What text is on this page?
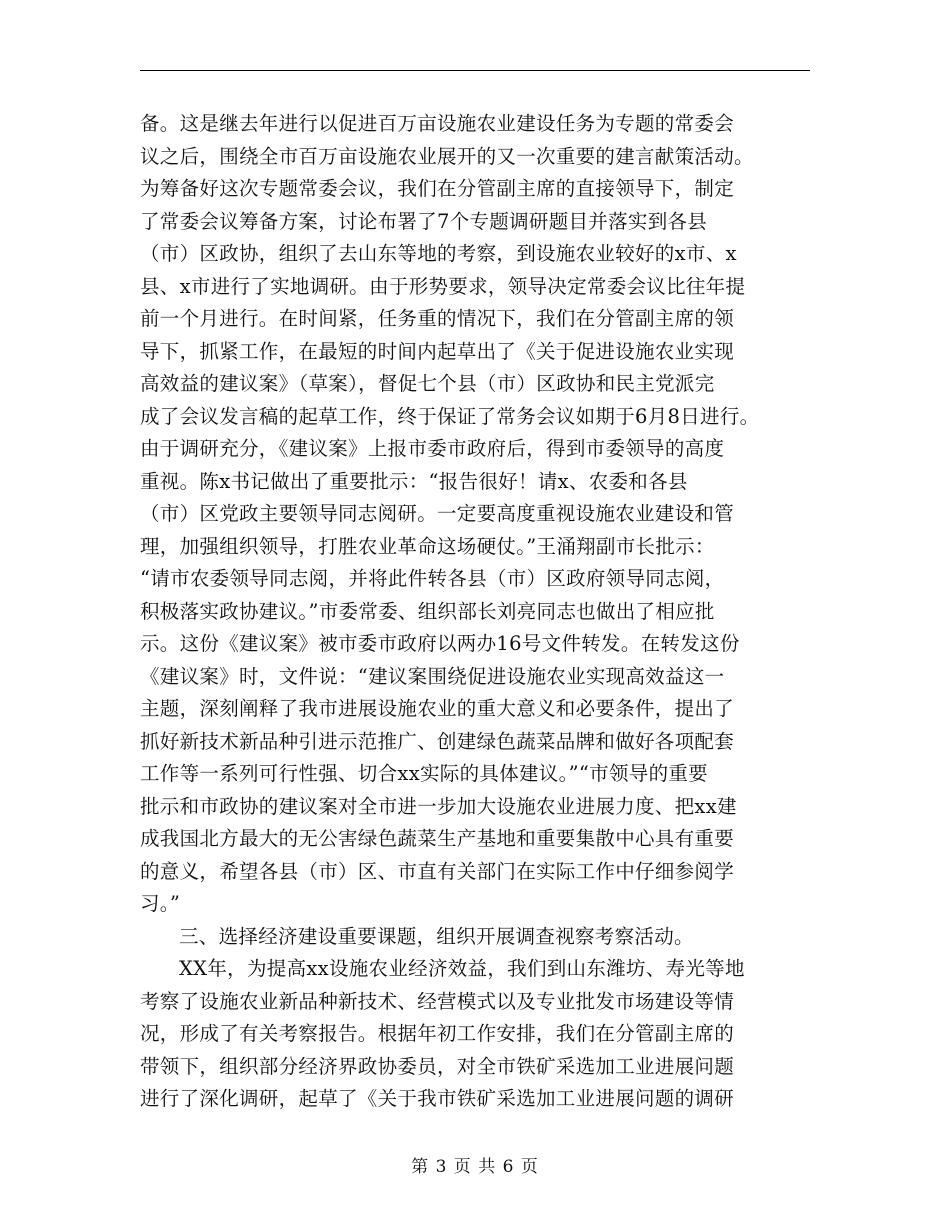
备。这是继去年进行以促进百万亩设施农业建设任务为专题的常委会
议之后，围绕全市百万亩设施农业展开的又一次重要的建言献策活动。
为筹备好这次专题常委会议，我们在分管副主席的直接领导下，制定
了常委会议筹备方案，讨论布署了7个专题调研题目并落实到各县
（市）区政协，组织了去山东等地的考察，到设施农业较好的x市、x
县、x市进行了实地调研。由于形势要求，领导决定常委会议比往年提
前一个月进行。在时间紧，任务重的情况下，我们在分管副主席的领
导下，抓紧工作，在最短的时间内起草出了《关于促进设施农业实现
高效益的建议案》（草案），督促七个县（市）区政协和民主党派完
成了会议发言稿的起草工作，终于保证了常务会议如期于6月8日进行。
由于调研充分，《建议案》上报市委市政府后，得到市委领导的高度
重视。陈x书记做出了重要批示：“报告很好！请x、农委和各县
（市）区党政主要领导同志阅研。一定要高度重视设施农业建设和管
理，加强组织领导，打胜农业革命这场硬仗。”王涌翔副市长批示：
“请市农委领导同志阅，并将此件转各县（市）区政府领导同志阅，
积极落实政协建议。”市委常委、组织部长刘亮同志也做出了相应批
示。这份《建议案》被市委市政府以两办16号文件转发。在转发这份
《建议案》时，文件说：“建议案围绕促进设施农业实现高效益这一
主题，深刻阐释了我市进展设施农业的重大意义和必要条件，提出了
抓好新技术新品种引进示范推广、创建绿色蔬菜品牌和做好各项配套
工作等一系列可行性强、切合xx实际的具体建议。”“市领导的重要
批示和市政协的建议案对全市进一步加大设施农业进展力度、把xx建
成我国北方最大的无公害绿色蔬菜生产基地和重要集散中心具有重要
的意义，希望各县（市）区、市直有关部门在实际工作中仔细参阅学
习。”
三、选择经济建设重要课题，组织开展调查视察考察活动。
XX年，为提高xx设施农业经济效益，我们到山东潍坊、寿光等地
考察了设施农业新品种新技术、经营模式以及专业批发市场建设等情
况，形成了有关考察报告。根据年初工作安排，我们在分管副主席的
带领下，组织部分经济界政协委员，对全市铁矿采选加工业进展问题
进行了深化调研，起草了《关于我市铁矿采选加工业进展问题的调研
第 3 页 共 6 页
